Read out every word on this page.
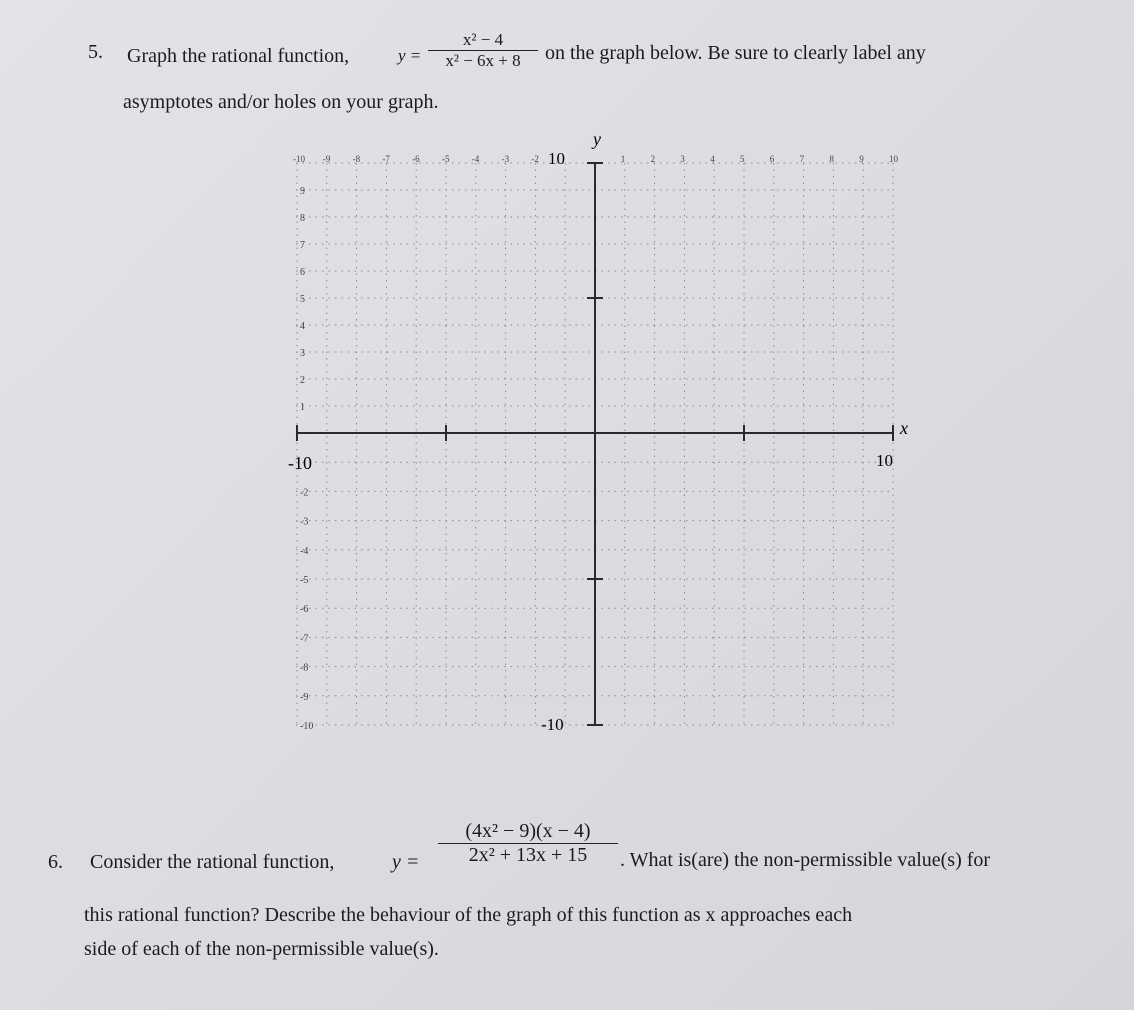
5. Graph the rational function,	y =
x² − 4
x² − 6x + 8	on the graph below. Be sure to clearly label any
asymptotes and/or holes on your graph.
-10 -9 -8 -7 -6 -5 -4 -3 -2	1	2	3	4	5	6	7	8	9	10
9
8
7
6
5
4
3
2
1
-2
-3
-4
-5
-6
-7
-8
-9
-10
y
x
-10	10
10
-10
6. Consider the rational function,	y =
(4x² − 9)(x − 4)
2x² + 13x + 15	. What is(are) the non-permissible value(s) for
this rational function? Describe the behaviour of the graph of this function as x approaches each
side of each of the non-permissible value(s).
